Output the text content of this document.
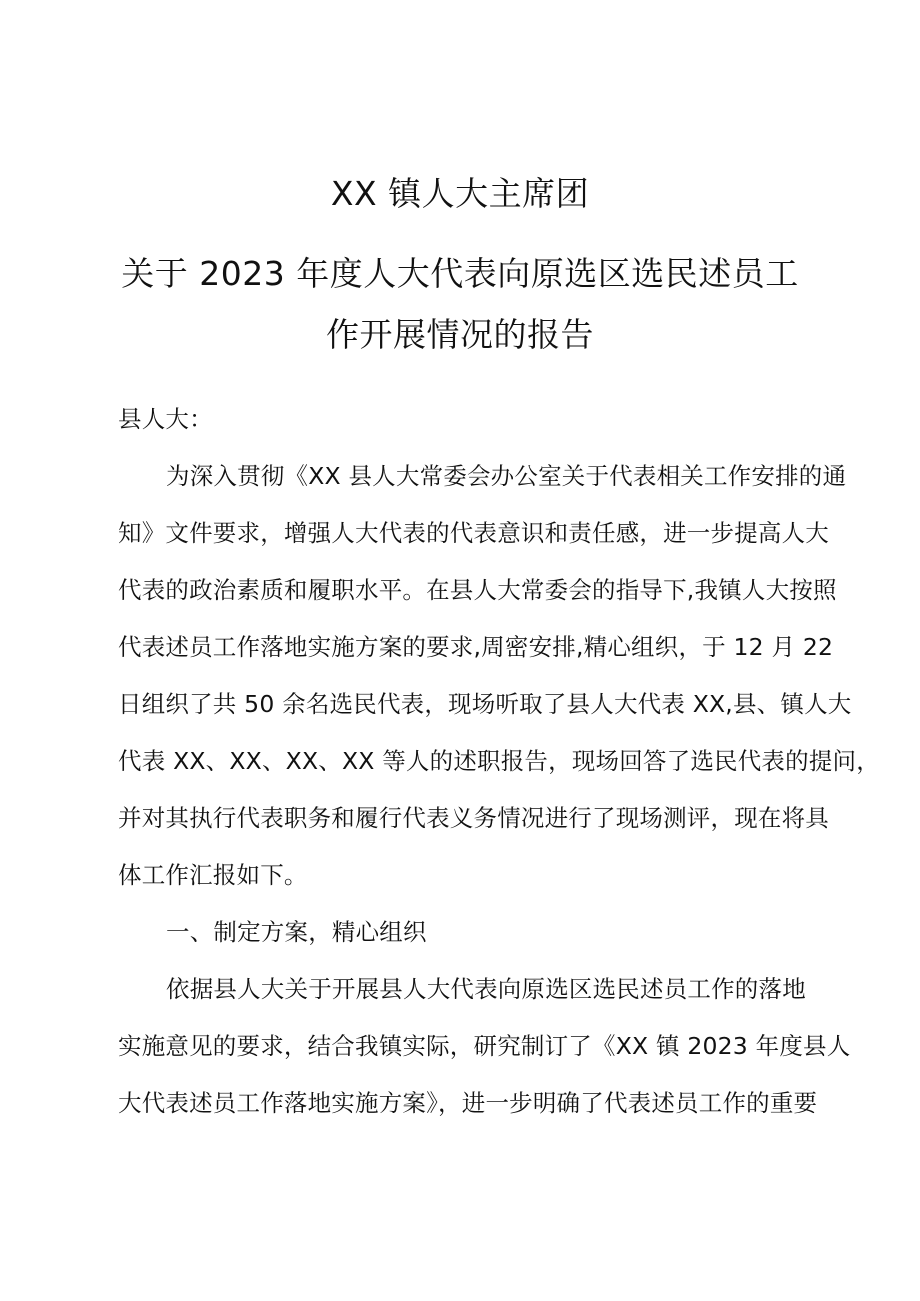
XX 镇人大主席团
关于 2023 年度人大代表向原选区选民述员工
作开展情况的报告
县人大：
为深入贯彻《XX 县人大常委会办公室关于代表相关工作安排的通
知》文件要求，增强人大代表的代表意识和责任感，进一步提高人大
代表的政治素质和履职水平。在县人大常委会的指导下,我镇人大按照
代表述员工作落地实施方案的要求,周密安排,精心组织，于 12 月 22
日组织了共 50 余名选民代表，现场听取了县人大代表 XX,县、镇人大
代表 XX、XX、XX、XX 等人的述职报告，现场回答了选民代表的提问，
并对其执行代表职务和履行代表义务情况进行了现场测评，现在将具
体工作汇报如下。
一、制定方案，精心组织
依据县人大关于开展县人大代表向原选区选民述员工作的落地
实施意见的要求，结合我镇实际，研究制订了《XX 镇 2023 年度县人
大代表述员工作落地实施方案》，进一步明确了代表述员工作的重要
